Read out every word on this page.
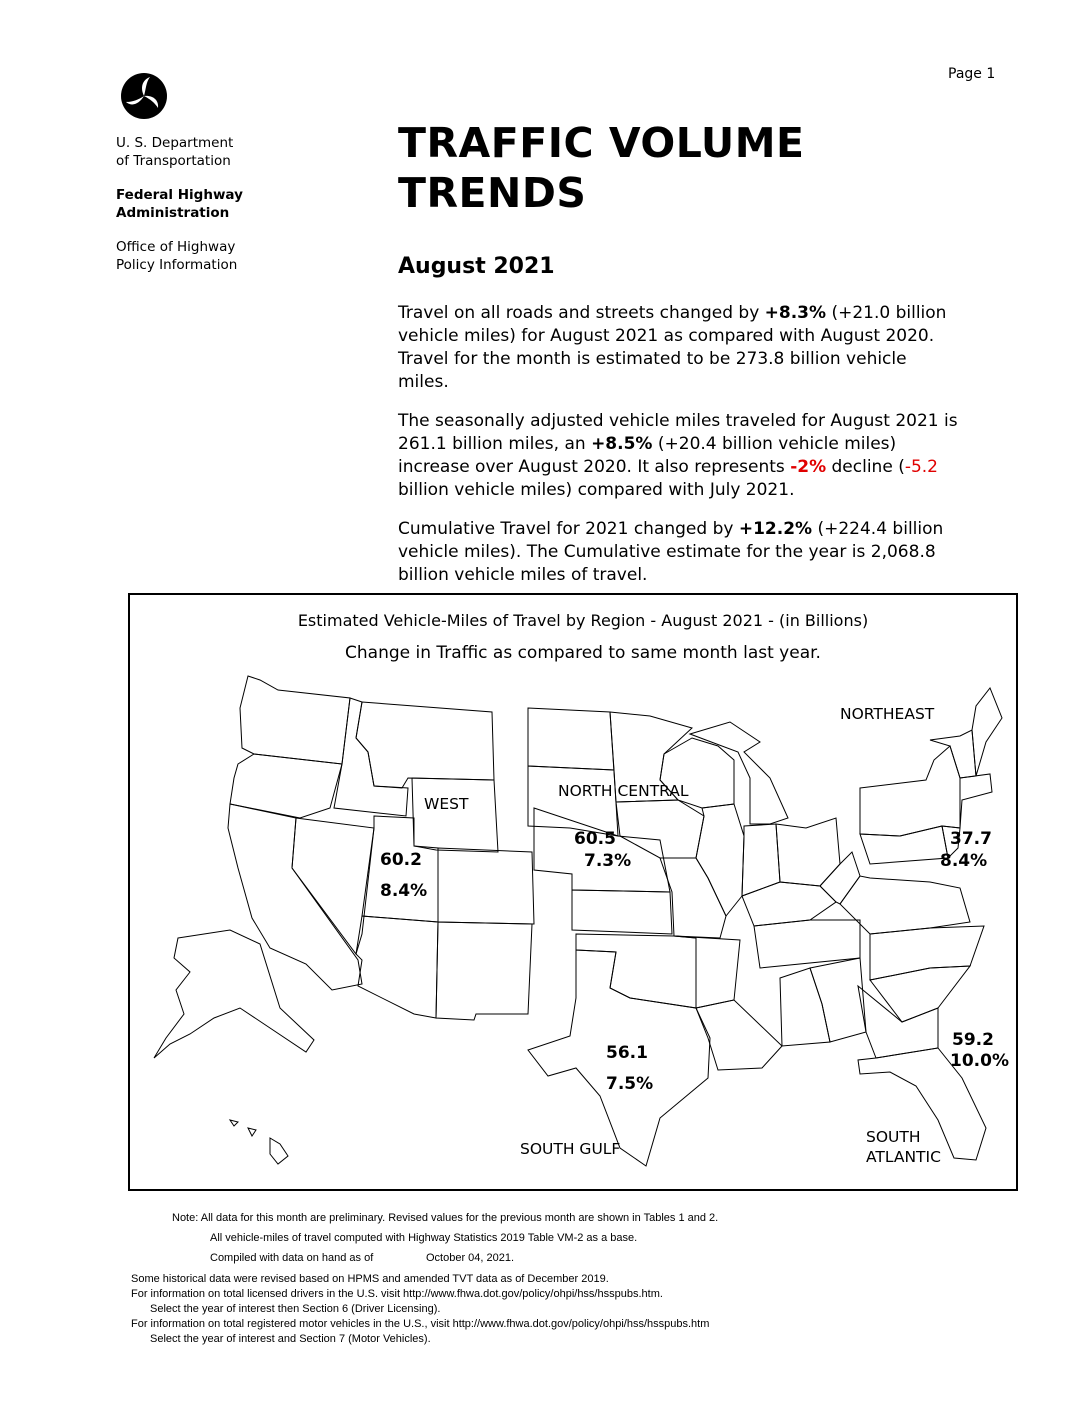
Page 1
U. S. Department
of Transportation
Federal Highway
Administration
Office of Highway
Policy Information
TRAFFIC VOLUME
TRENDS
August 2021
Travel on all roads and streets changed by +8.3% (+21.0 billion vehicle miles) for August 2021 as compared with August 2020. Travel for the month is estimated to be 273.8 billion vehicle miles.
The seasonally adjusted vehicle miles traveled for August 2021 is 261.1 billion miles, an +8.5% (+20.4 billion vehicle miles) increase over August 2020. It also represents -2% decline (-5.2 billion vehicle miles) compared with July 2021.
Cumulative Travel for 2021 changed by +12.2% (+224.4 billion vehicle miles). The Cumulative estimate for the year is 2,068.8 billion vehicle miles of travel.
Estimated Vehicle-Miles of Travel by Region - August 2021 - (in Billions)
Change in Traffic as compared to same month last year.
WEST
NORTH CENTRAL
NORTHEAST
SOUTH GULF
SOUTH
ATLANTIC
60.2
8.4%
60.5
7.3%
37.7
8.4%
56.1
7.5%
59.2
10.0%
Note: All data for this month are preliminary. Revised values for the previous month are shown in Tables 1 and 2.
All vehicle-miles of travel computed with Highway Statistics 2019 Table VM-2 as a base.
Compiled with data on hand as of	October 04, 2021.
Some historical data were revised based on HPMS and amended TVT data as of December 2019.
For information on total licensed drivers in the U.S. visit http://www.fhwa.dot.gov/policy/ohpi/hss/hsspubs.htm.
Select the year of interest then Section 6 (Driver Licensing).
For information on total registered motor vehicles in the U.S., visit http://www.fhwa.dot.gov/policy/ohpi/hss/hsspubs.htm
Select the year of interest and Section 7 (Motor Vehicles).
